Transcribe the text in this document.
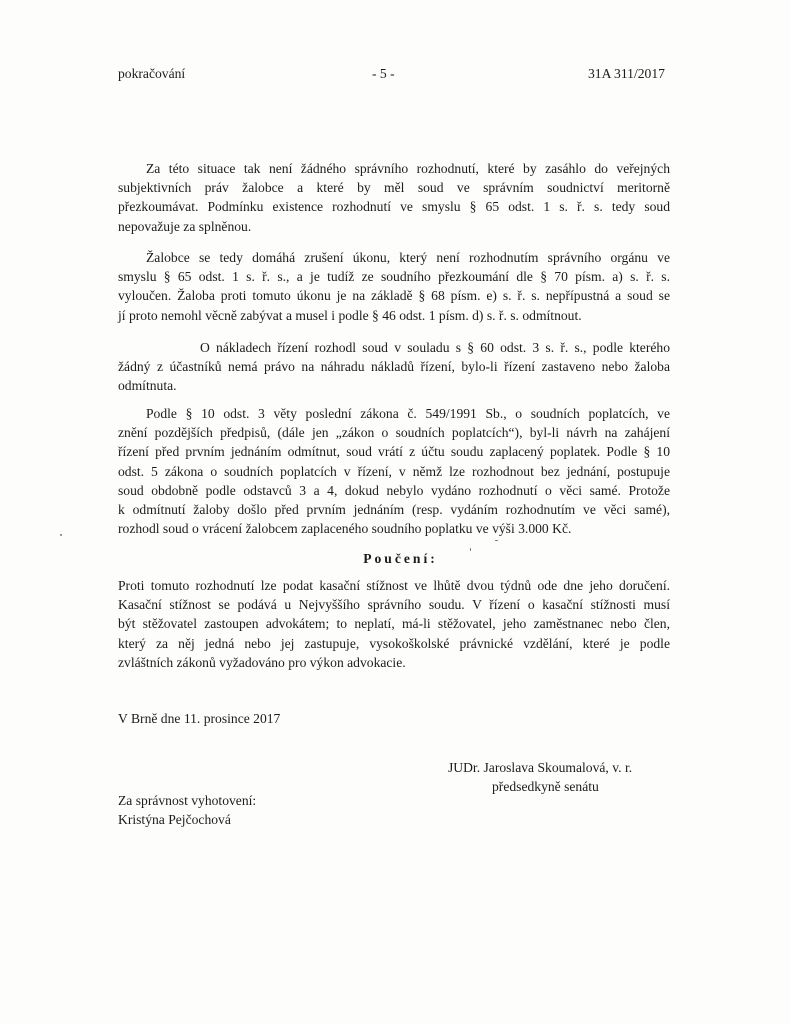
pokračování	- 5 -	31A 311/2017
Za této situace tak není žádného správního rozhodnutí, které by zasáhlo do veřejných
subjektivních práv žalobce a které by měl soud ve správním soudnictví meritorně
přezkoumávat. Podmínku existence rozhodnutí ve smyslu § 65 odst. 1 s. ř. s. tedy soud
nepovažuje za splněnou.
Žalobce se tedy domáhá zrušení úkonu, který není rozhodnutím správního orgánu ve
smyslu § 65 odst. 1 s. ř. s., a je tudíž ze soudního přezkoumání dle § 70 písm. a) s. ř. s.
vyloučen. Žaloba proti tomuto úkonu je na základě § 68 písm. e) s. ř. s. nepřípustná a soud se
jí proto nemohl věcně zabývat a musel i podle § 46 odst. 1 písm. d) s. ř. s. odmítnout.
O nákladech řízení rozhodl soud v souladu s § 60 odst. 3 s. ř. s., podle kterého
žádný z účastníků nemá právo na náhradu nákladů řízení, bylo-li řízení zastaveno nebo žaloba
odmítnuta.
Podle § 10 odst. 3 věty poslední zákona č. 549/1991 Sb., o soudních poplatcích, ve
znění pozdějších předpisů, (dále jen „zákon o soudních poplatcích“), byl-li návrh na zahájení
řízení před prvním jednáním odmítnut, soud vrátí z účtu soudu zaplacený poplatek. Podle § 10
odst. 5 zákona o soudních poplatcích v řízení, v němž lze rozhodnout bez jednání, postupuje
soud obdobně podle odstavců 3 a 4, dokud nebylo vydáno rozhodnutí o věci samé. Protože
k odmítnutí žaloby došlo před prvním jednáním (resp. vydáním rozhodnutím ve věci samé),
rozhodl soud o vrácení žalobcem zaplaceného soudního poplatku ve výši 3.000 Kč.
Poučení:
Proti tomuto rozhodnutí lze podat kasační stížnost ve lhůtě dvou týdnů ode dne jeho doručení.
Kasační stížnost se podává u Nejvyššího správního soudu. V řízení o kasační stížnosti musí
být stěžovatel zastoupen advokátem; to neplatí, má-li stěžovatel, jeho zaměstnanec nebo člen,
který za něj jedná nebo jej zastupuje, vysokoškolské právnické vzdělání, které je podle
zvláštních zákonů vyžadováno pro výkon advokacie.
V Brně dne 11. prosince 2017
JUDr. Jaroslava Skoumalová, v. r.
předsedkyně senátu
Za správnost vyhotovení:
Kristýna Pejčochová
